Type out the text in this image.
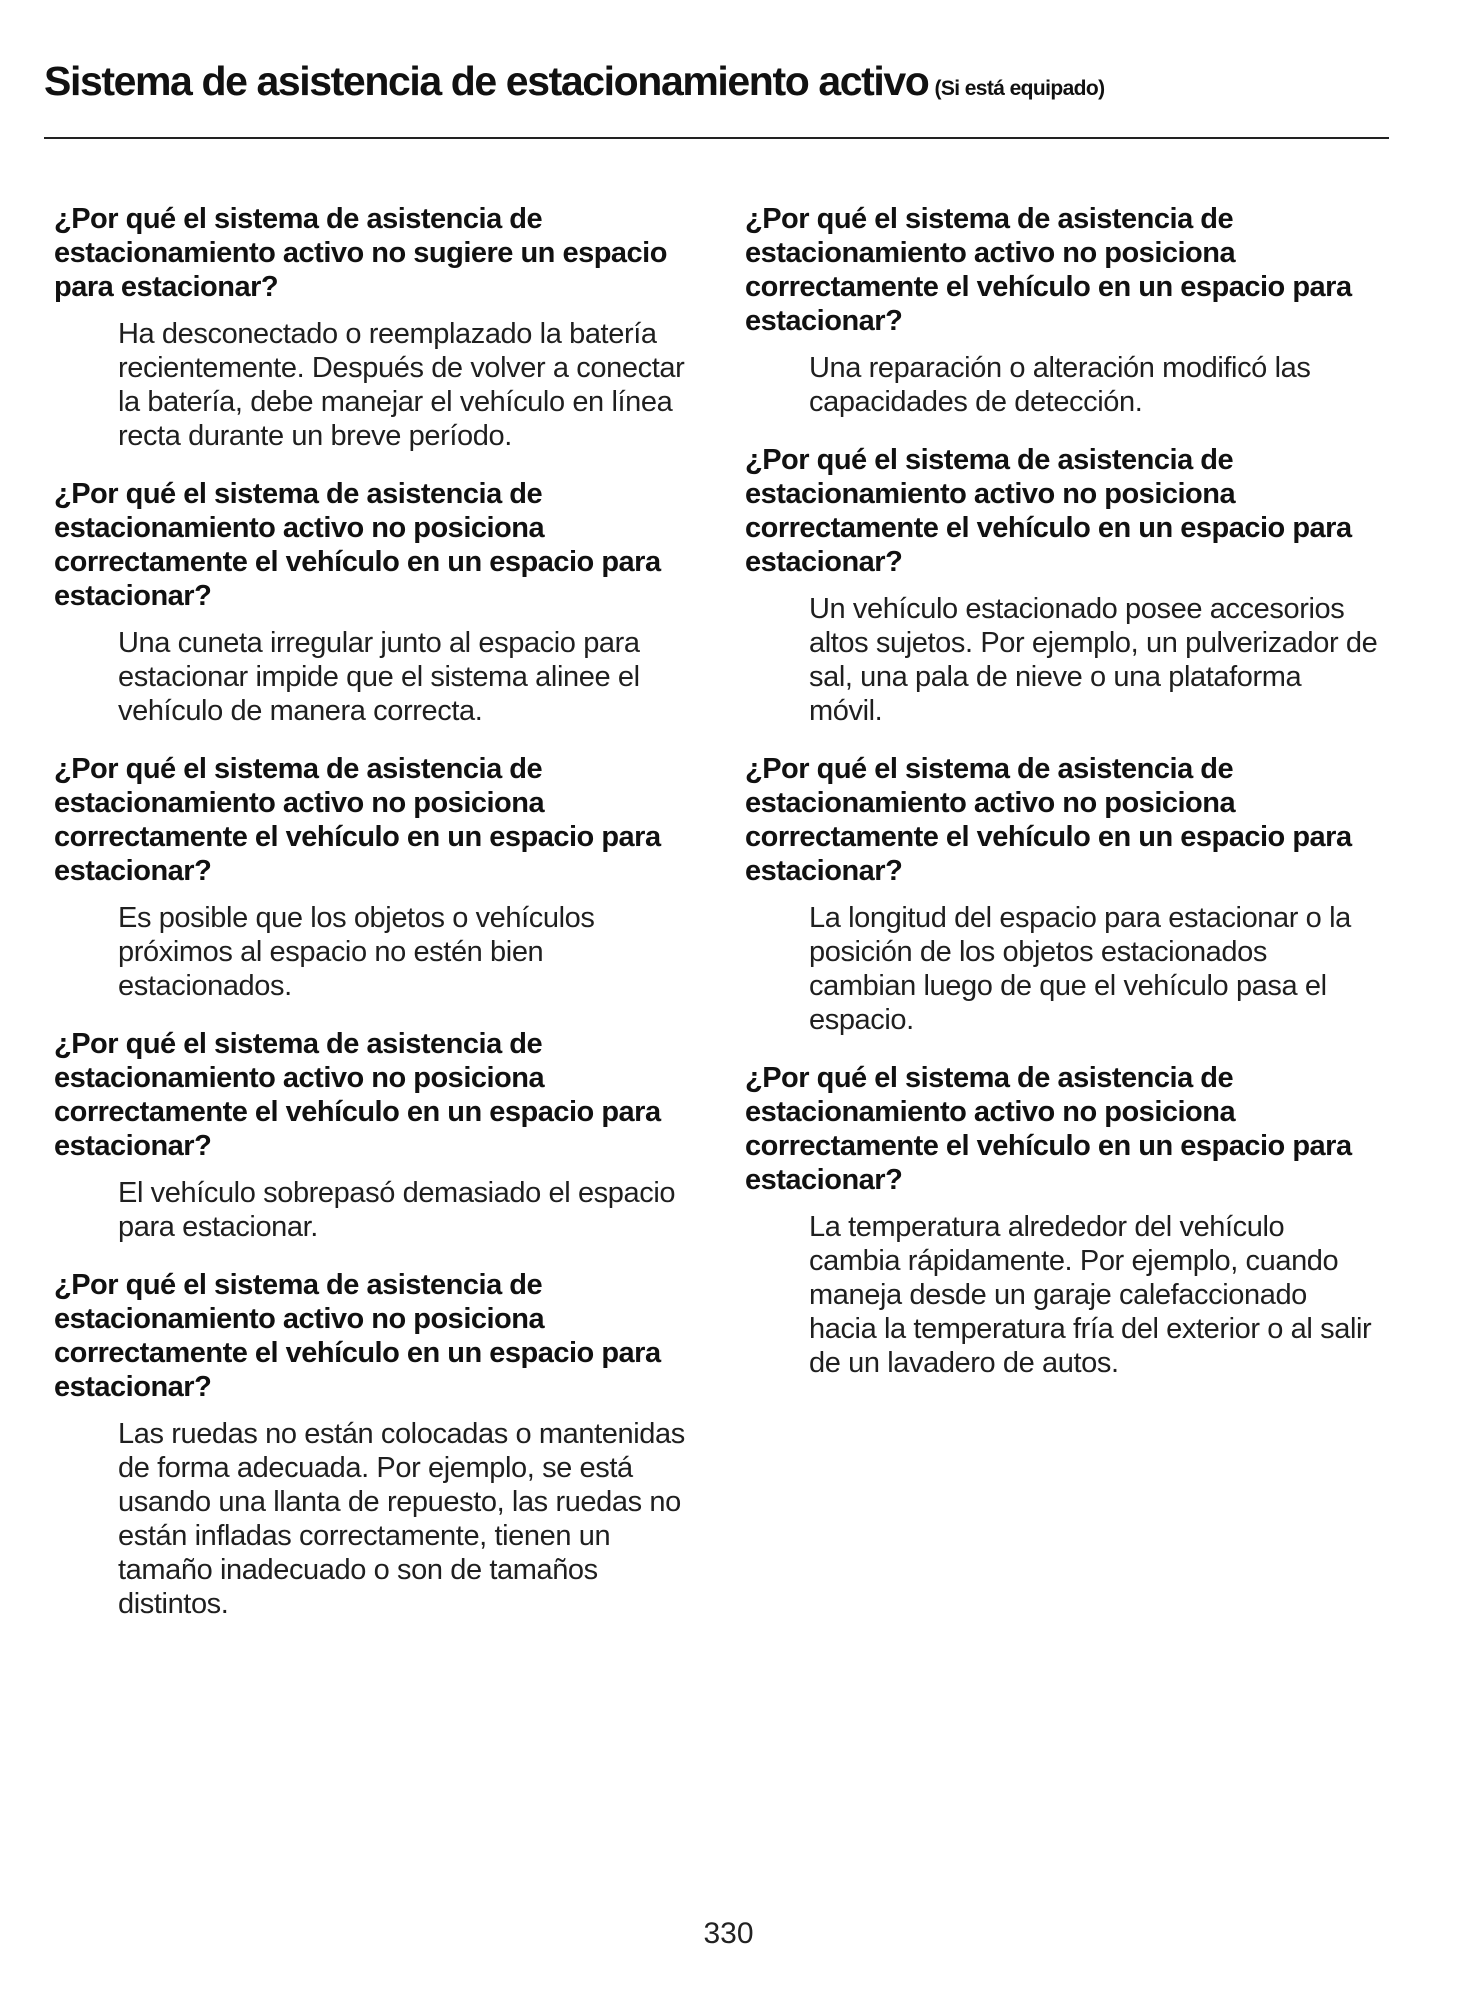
Sistema de asistencia de estacionamiento activo (Si está equipado)

¿Por qué el sistema de asistencia de estacionamiento activo no sugiere un espacio para estacionar?

Ha desconectado o reemplazado la batería recientemente. Después de volver a conectar la batería, debe manejar el vehículo en línea recta durante un breve período.

¿Por qué el sistema de asistencia de estacionamiento activo no posiciona correctamente el vehículo en un espacio para estacionar?

Una cuneta irregular junto al espacio para estacionar impide que el sistema alinee el vehículo de manera correcta.

¿Por qué el sistema de asistencia de estacionamiento activo no posiciona correctamente el vehículo en un espacio para estacionar?

Es posible que los objetos o vehículos próximos al espacio no estén bien estacionados.

¿Por qué el sistema de asistencia de estacionamiento activo no posiciona correctamente el vehículo en un espacio para estacionar?

El vehículo sobrepasó demasiado el espacio para estacionar.

¿Por qué el sistema de asistencia de estacionamiento activo no posiciona correctamente el vehículo en un espacio para estacionar?

Las ruedas no están colocadas o mantenidas de forma adecuada. Por ejemplo, se está usando una llanta de repuesto, las ruedas no están infladas correctamente, tienen un tamaño inadecuado o son de tamaños distintos.

¿Por qué el sistema de asistencia de estacionamiento activo no posiciona correctamente el vehículo en un espacio para estacionar?

Una reparación o alteración modificó las capacidades de detección.

¿Por qué el sistema de asistencia de estacionamiento activo no posiciona correctamente el vehículo en un espacio para estacionar?

Un vehículo estacionado posee accesorios altos sujetos. Por ejemplo, un pulverizador de sal, una pala de nieve o una plataforma móvil.

¿Por qué el sistema de asistencia de estacionamiento activo no posiciona correctamente el vehículo en un espacio para estacionar?

La longitud del espacio para estacionar o la posición de los objetos estacionados cambian luego de que el vehículo pasa el espacio.

¿Por qué el sistema de asistencia de estacionamiento activo no posiciona correctamente el vehículo en un espacio para estacionar?

La temperatura alrededor del vehículo cambia rápidamente. Por ejemplo, cuando maneja desde un garaje calefaccionado hacia la temperatura fría del exterior o al salir de un lavadero de autos.

330
